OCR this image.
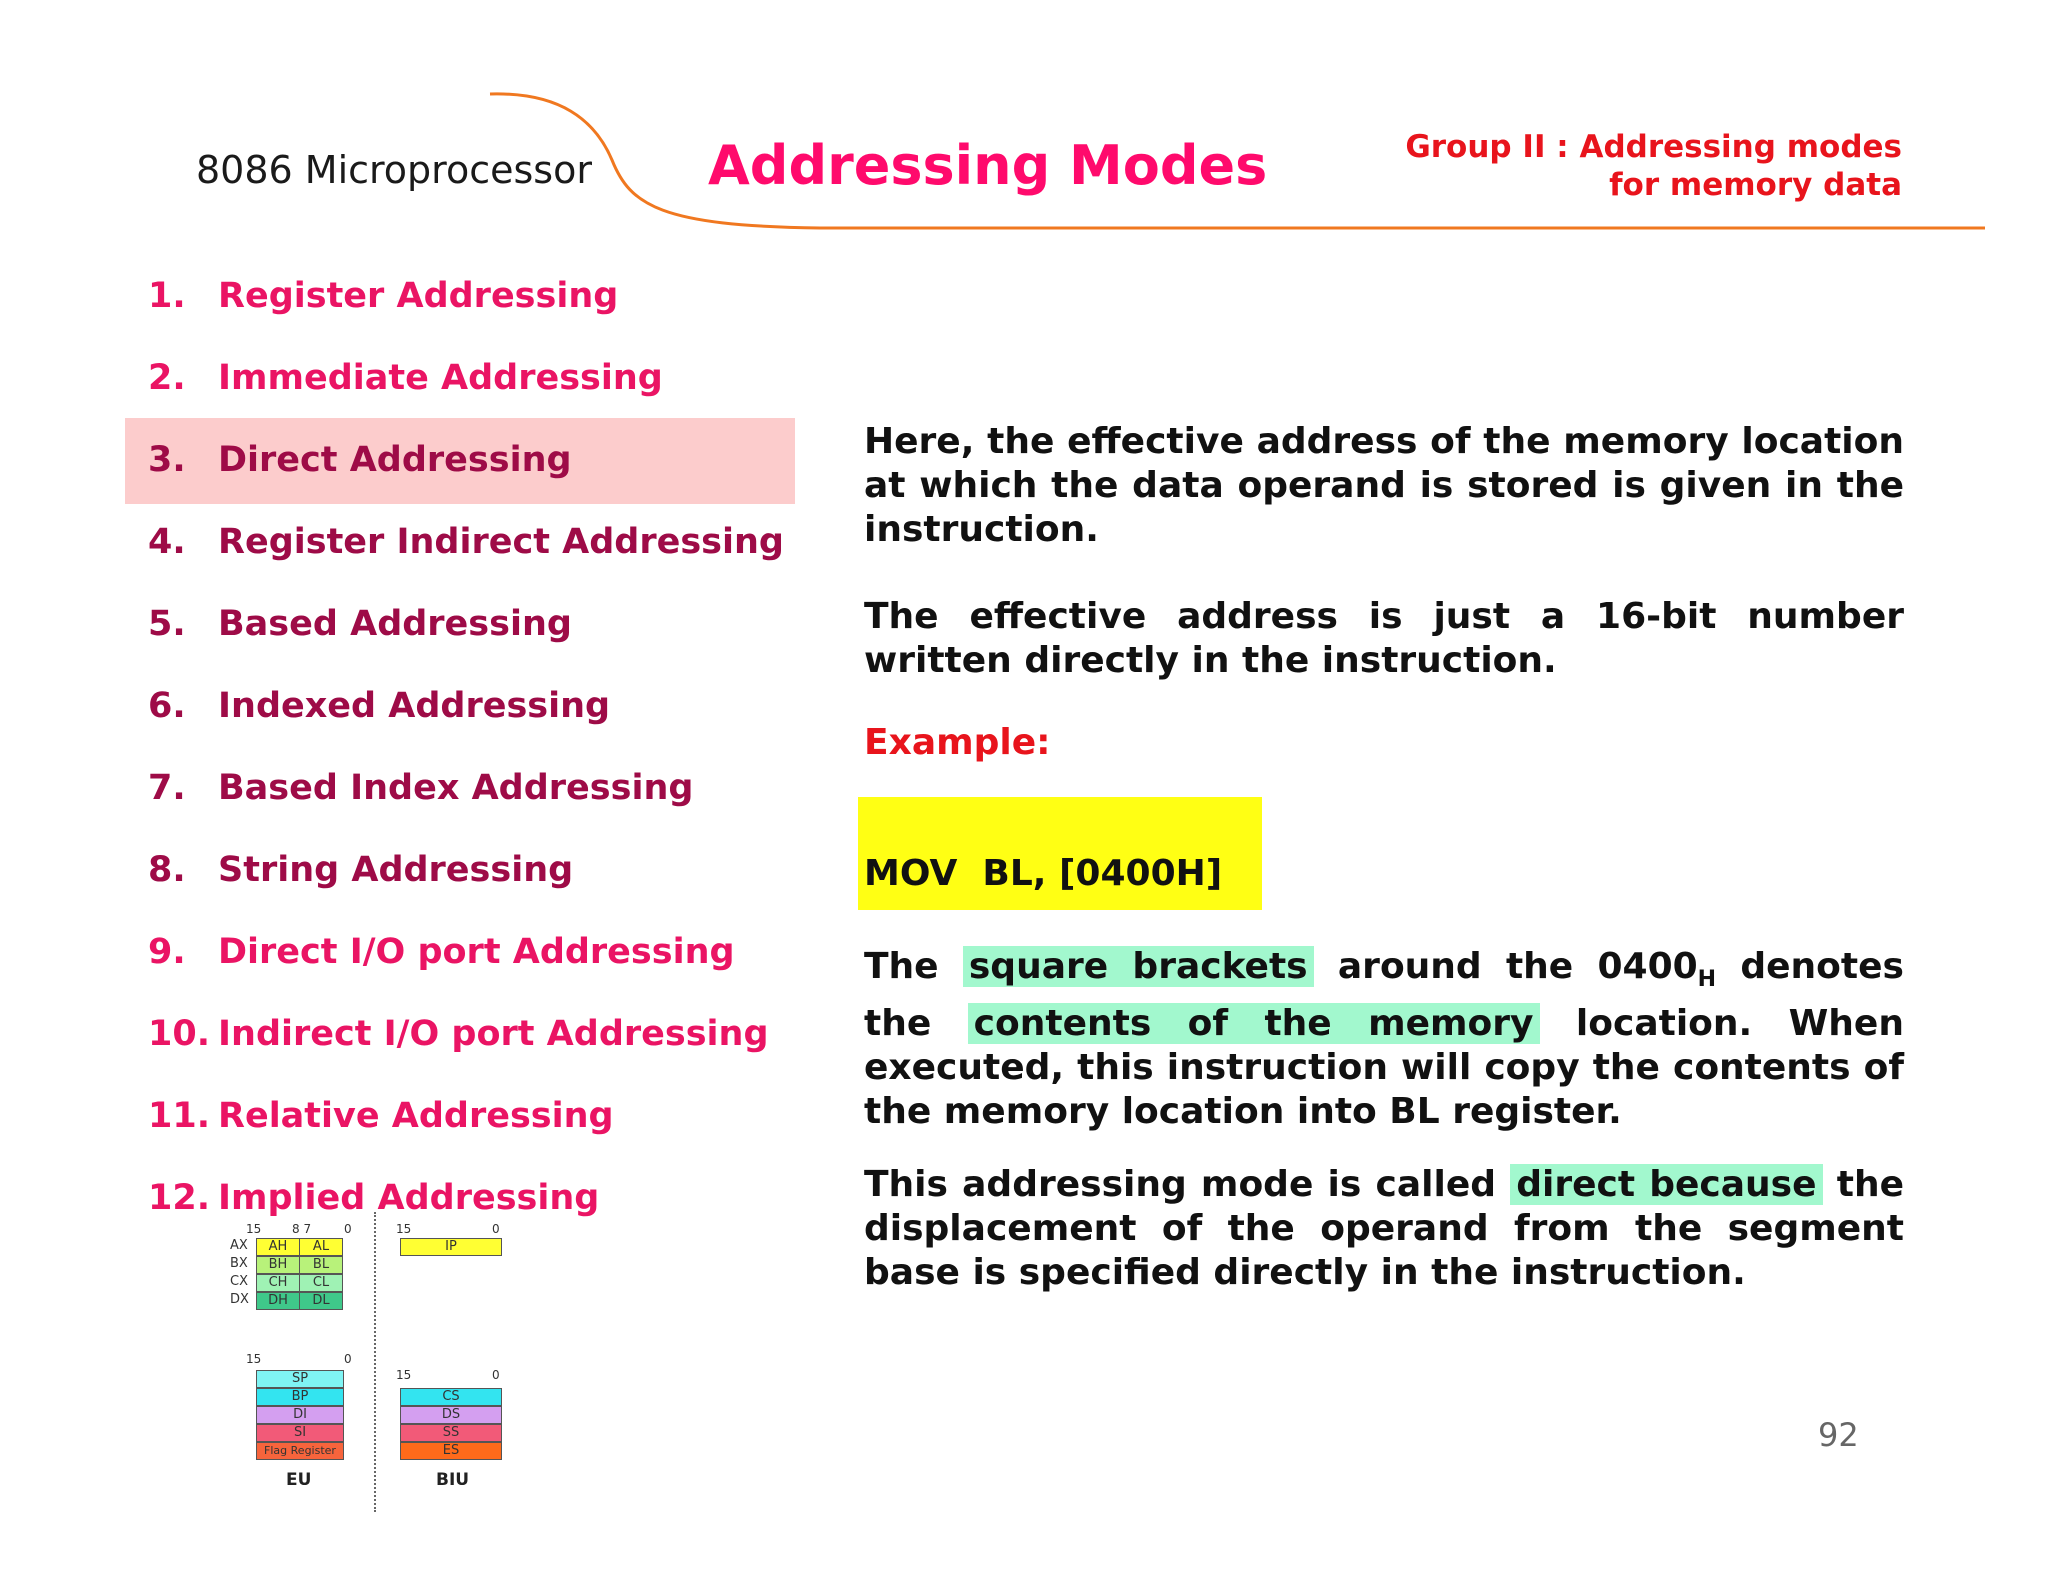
8086 Microprocessor Addressing Modes	Group II : Addressing modes
for memory data
1. Register Addressing
2. Immediate Addressing
3. Direct Addressing
4. Register Indirect Addressing
5. Based Addressing
6. Indexed Addressing
7. Based Index Addressing
8. String Addressing
9. Direct I/O port Addressing
10. Indirect I/O port Addressing
11. Relative Addressing
12. Implied Addressing
15	8 7	0
AX
BX
CX
DX
AH	AL
BH	BL
CH	CL
DH	DL
15	0
IP
15	0
15	0
SP
BP
DI
SI
Flag Register
CS
DS
SS
ES
EU	BIU
Here, the effective address of the memory location at which the data operand is stored is given in the instruction.
The effective address is just a 16-bit number written directly in the instruction.
Example:
MOV  BL, [0400H]
The square brackets around the $0400_H$ denotes the contents of the memory location. When executed, this instruction will copy the contents of the memory location into BL register.
This addressing mode is called direct because the displacement of the operand from the segment base is specified directly in the instruction.
92
